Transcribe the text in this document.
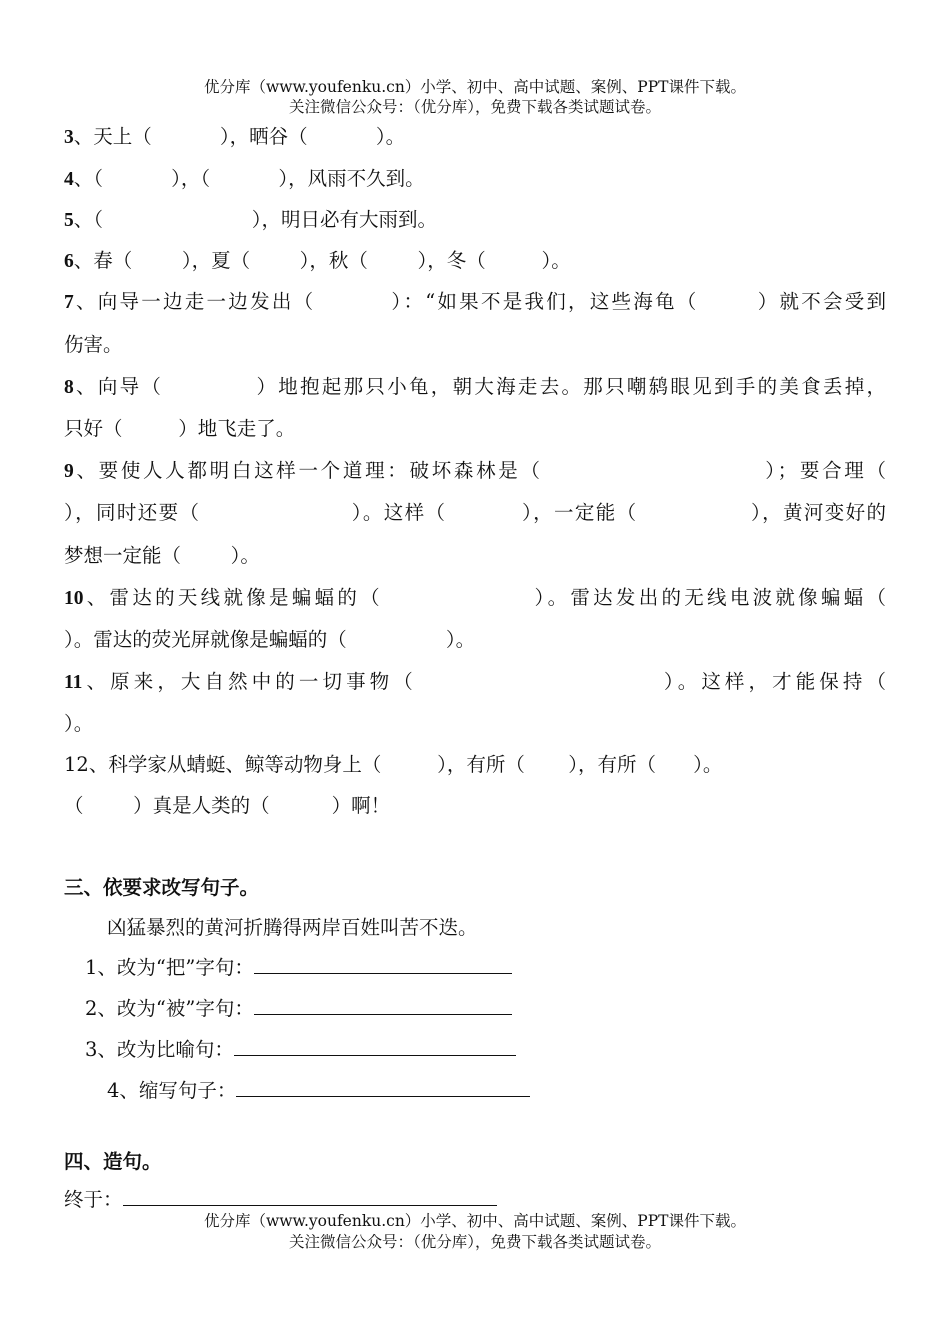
优分库（www.youfenku.cn）小学、初中、高中试题、案例、PPT课件下载。
关注微信公众号：（优分库），免费下载各类试题试卷。
3、天上（           ），晒谷（           ）。
4、（           ），（           ），风雨不久到。
5、（                        ），明日必有大雨到。
6、春（        ），夏（        ），秋（        ），冬（         ）。
7、向导一边走一边发出（         ）：“如果不是我们，这些海龟（       ）就不会受到
伤害。
8、向导（           ）地抱起那只小龟，朝大海走去。那只嘲鸫眼见到手的美食丢掉，
只好（         ）地飞走了。
9、要使人人都明白这样一个道理：破坏森林是（                         ）；要合理（
），同时还要（                    ）。这样（          ），一定能（               ），黄河变好的
梦想一定能（        ）。
10、雷达的天线就像是蝙蝠的（                ）。雷达发出的无线电波就像蝙蝠（
）。雷达的荧光屏就像是蝙蝠的（                ）。
11、原来，大自然中的一切事物（                        ）。这样，才能保持（
）。
12、科学家从蜻蜓、鲸等动物身上（         ），有所（       ），有所（      ）。
（        ）真是人类的（          ）啊！
三、依要求改写句子。
凶猛暴烈的黄河折腾得两岸百姓叫苦不迭。
1、改为“把”字句：
2、改为“被”字句：
3、改为比喻句：
4、缩写句子：
四、造句。
终于：
优分库（www.youfenku.cn）小学、初中、高中试题、案例、PPT课件下载。
关注微信公众号：（优分库），免费下载各类试题试卷。
